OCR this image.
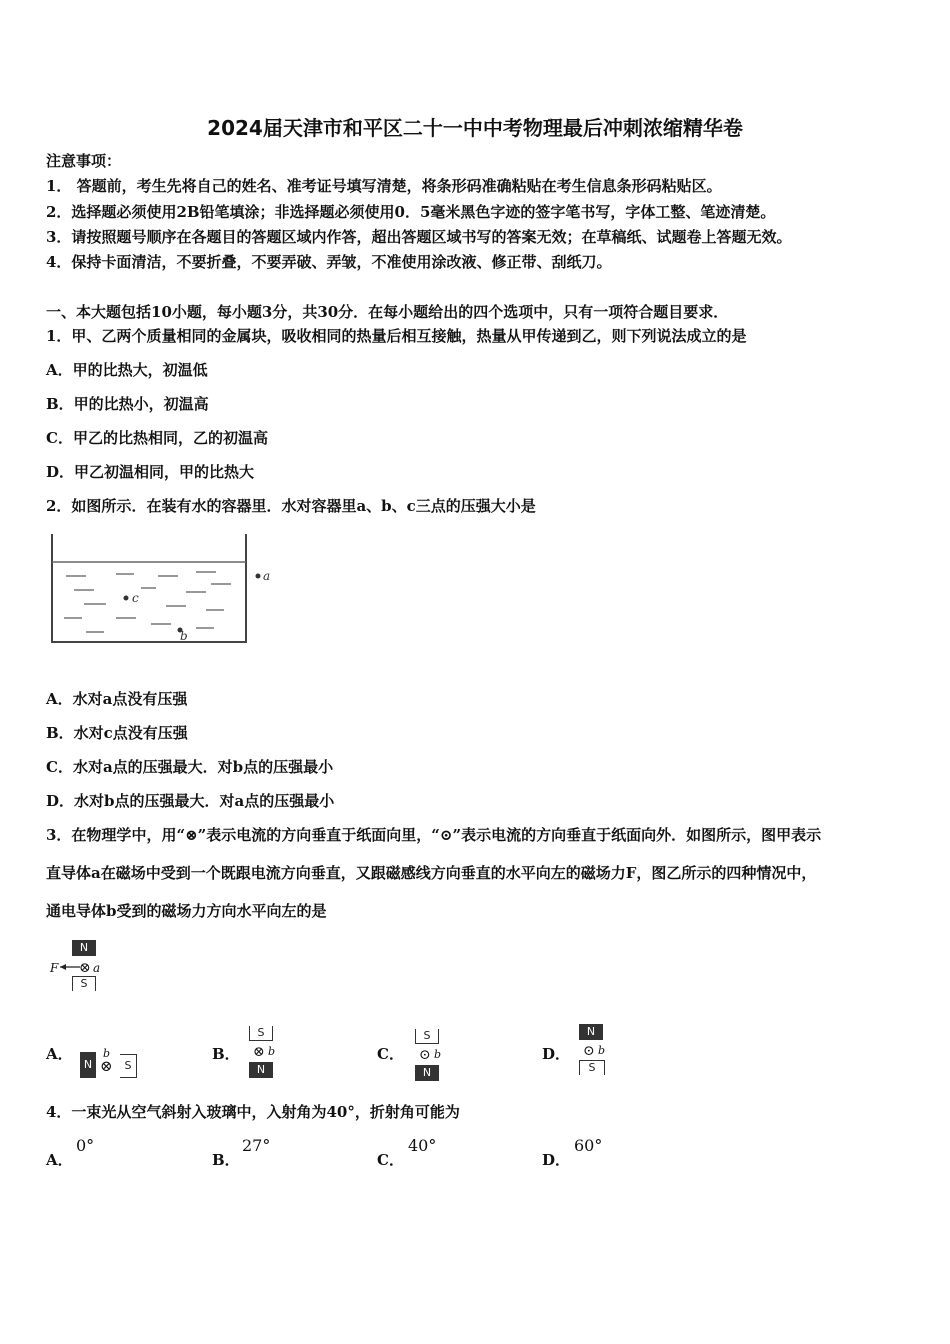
2024届天津市和平区二十一中中考物理最后冲刺浓缩精华卷
注意事项：
1． 答题前，考生先将自己的姓名、准考证号填写清楚，将条形码准确粘贴在考生信息条形码粘贴区。
2．选择题必须使用2B铅笔填涂；非选择题必须使用0．5毫米黑色字迹的签字笔书写，字体工整、笔迹清楚。
3．请按照题号顺序在各题目的答题区域内作答，超出答题区域书写的答案无效；在草稿纸、试题卷上答题无效。
4．保持卡面清洁，不要折叠，不要弄破、弄皱，不准使用涂改液、修正带、刮纸刀。
一、本大题包括10小题，每小题3分，共30分．在每小题给出的四个选项中，只有一项符合题目要求．
1．甲、乙两个质量相同的金属块，吸收相同的热量后相互接触，热量从甲传递到乙，则下列说法成立的是
A．甲的比热大，初温低
B．甲的比热小，初温高
C．甲乙的比热相同，乙的初温高
D．甲乙初温相同，甲的比热大
2．如图所示．在装有水的容器里．水对容器里a、b、c三点的压强大小是
c
a
b
A．水对a点没有压强
B．水对c点没有压强
C．水对a点的压强最大．对b点的压强最小
D．水对b点的压强最大．对a点的压强最小
3．在物理学中，用“⊗”表示电流的方向垂直于纸面向里，“⊙”表示电流的方向垂直于纸面向外．如图所示，图甲表示
直导体a在磁场中受到一个既跟电流方向垂直，又跟磁感线方向垂直的水平向左的磁场力F，图乙所示的四种情况中，
通电导体b受到的磁场力方向水平向左的是
N
F ⊗ a
S
A．	B．	C．	D．
N
b
⊗	S
S
⊗ b
N
S
⊙ b
N
N
⊙ b
S
4．一束光从空气斜射入玻璃中，入射角为40°，折射角可能为
A．
0°
B．
27°
C．
40°
D．
60°
